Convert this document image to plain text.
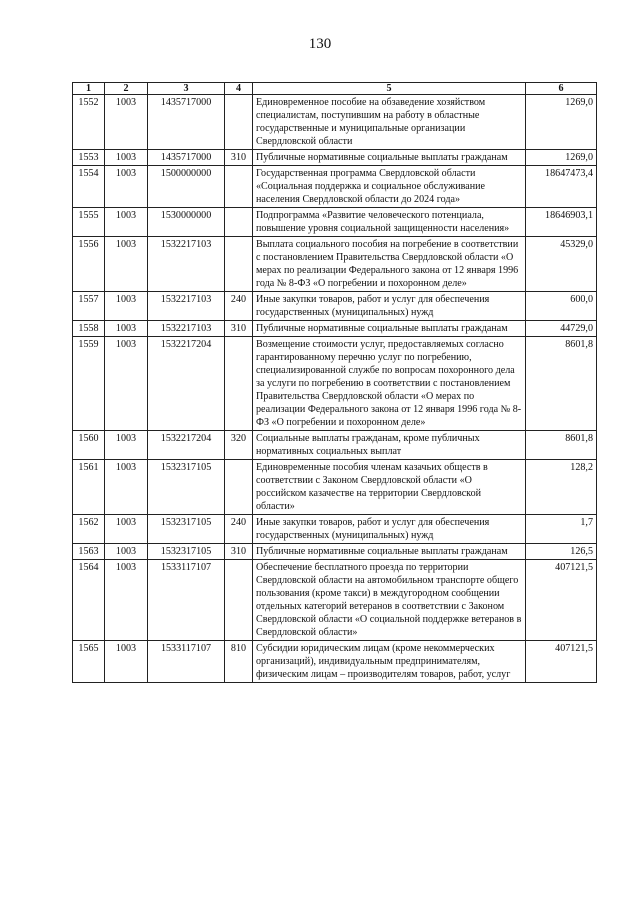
130
1	2	3	4	5	6
1552	1003	1435717000		Единовременное пособие на обзаведение хозяйством специалистам, поступившим на работу в областные государственные и муниципальные организации Свердловской области	1269,0
1553	1003	1435717000	310	Публичные нормативные социальные выплаты гражданам	1269,0
1554	1003	1500000000		Государственная программа Свердловской области «Социальная поддержка и социальное обслуживание населения Свердловской области до 2024 года»	18647473,4
1555	1003	1530000000		Подпрограмма «Развитие человеческого потенциала, повышение уровня социальной защищенности населения»	18646903,1
1556	1003	1532217103		Выплата социального пособия на погребение в соответствии с постановлением Правительства Свердловской области «О мерах по реализации Федерального закона от 12 января 1996 года № 8-ФЗ «О погребении и похоронном деле»	45329,0
1557	1003	1532217103	240	Иные закупки товаров, работ и услуг для обеспечения государственных (муниципальных) нужд	600,0
1558	1003	1532217103	310	Публичные нормативные социальные выплаты гражданам	44729,0
1559	1003	1532217204		Возмещение стоимости услуг, предоставляемых согласно гарантированному перечню услуг по погребению, специализированной службе по вопросам похоронного дела за услуги по погребению в соответствии с постановлением Правительства Свердловской области «О мерах по реализации Федерального закона от 12 января 1996 года № 8-ФЗ «О погребении и похоронном деле»	8601,8
1560	1003	1532217204	320	Социальные выплаты гражданам, кроме публичных нормативных социальных выплат	8601,8
1561	1003	1532317105		Единовременные пособия членам казачьих обществ в соответствии с Законом Свердловской области «О российском казачестве на территории Свердловской области»	128,2
1562	1003	1532317105	240	Иные закупки товаров, работ и услуг для обеспечения государственных (муниципальных) нужд	1,7
1563	1003	1532317105	310	Публичные нормативные социальные выплаты гражданам	126,5
1564	1003	1533117107		Обеспечение бесплатного проезда по территории Свердловской области на автомобильном транспорте общего пользования (кроме такси) в междугородном сообщении отдельных категорий ветеранов в соответствии с Законом Свердловской области «О социальной поддержке ветеранов в Свердловской области»	407121,5
1565	1003	1533117107	810	Субсидии юридическим лицам (кроме некоммерческих организаций), индивидуальным предпринимателям, физическим лицам – производителям товаров, работ, услуг	407121,5
